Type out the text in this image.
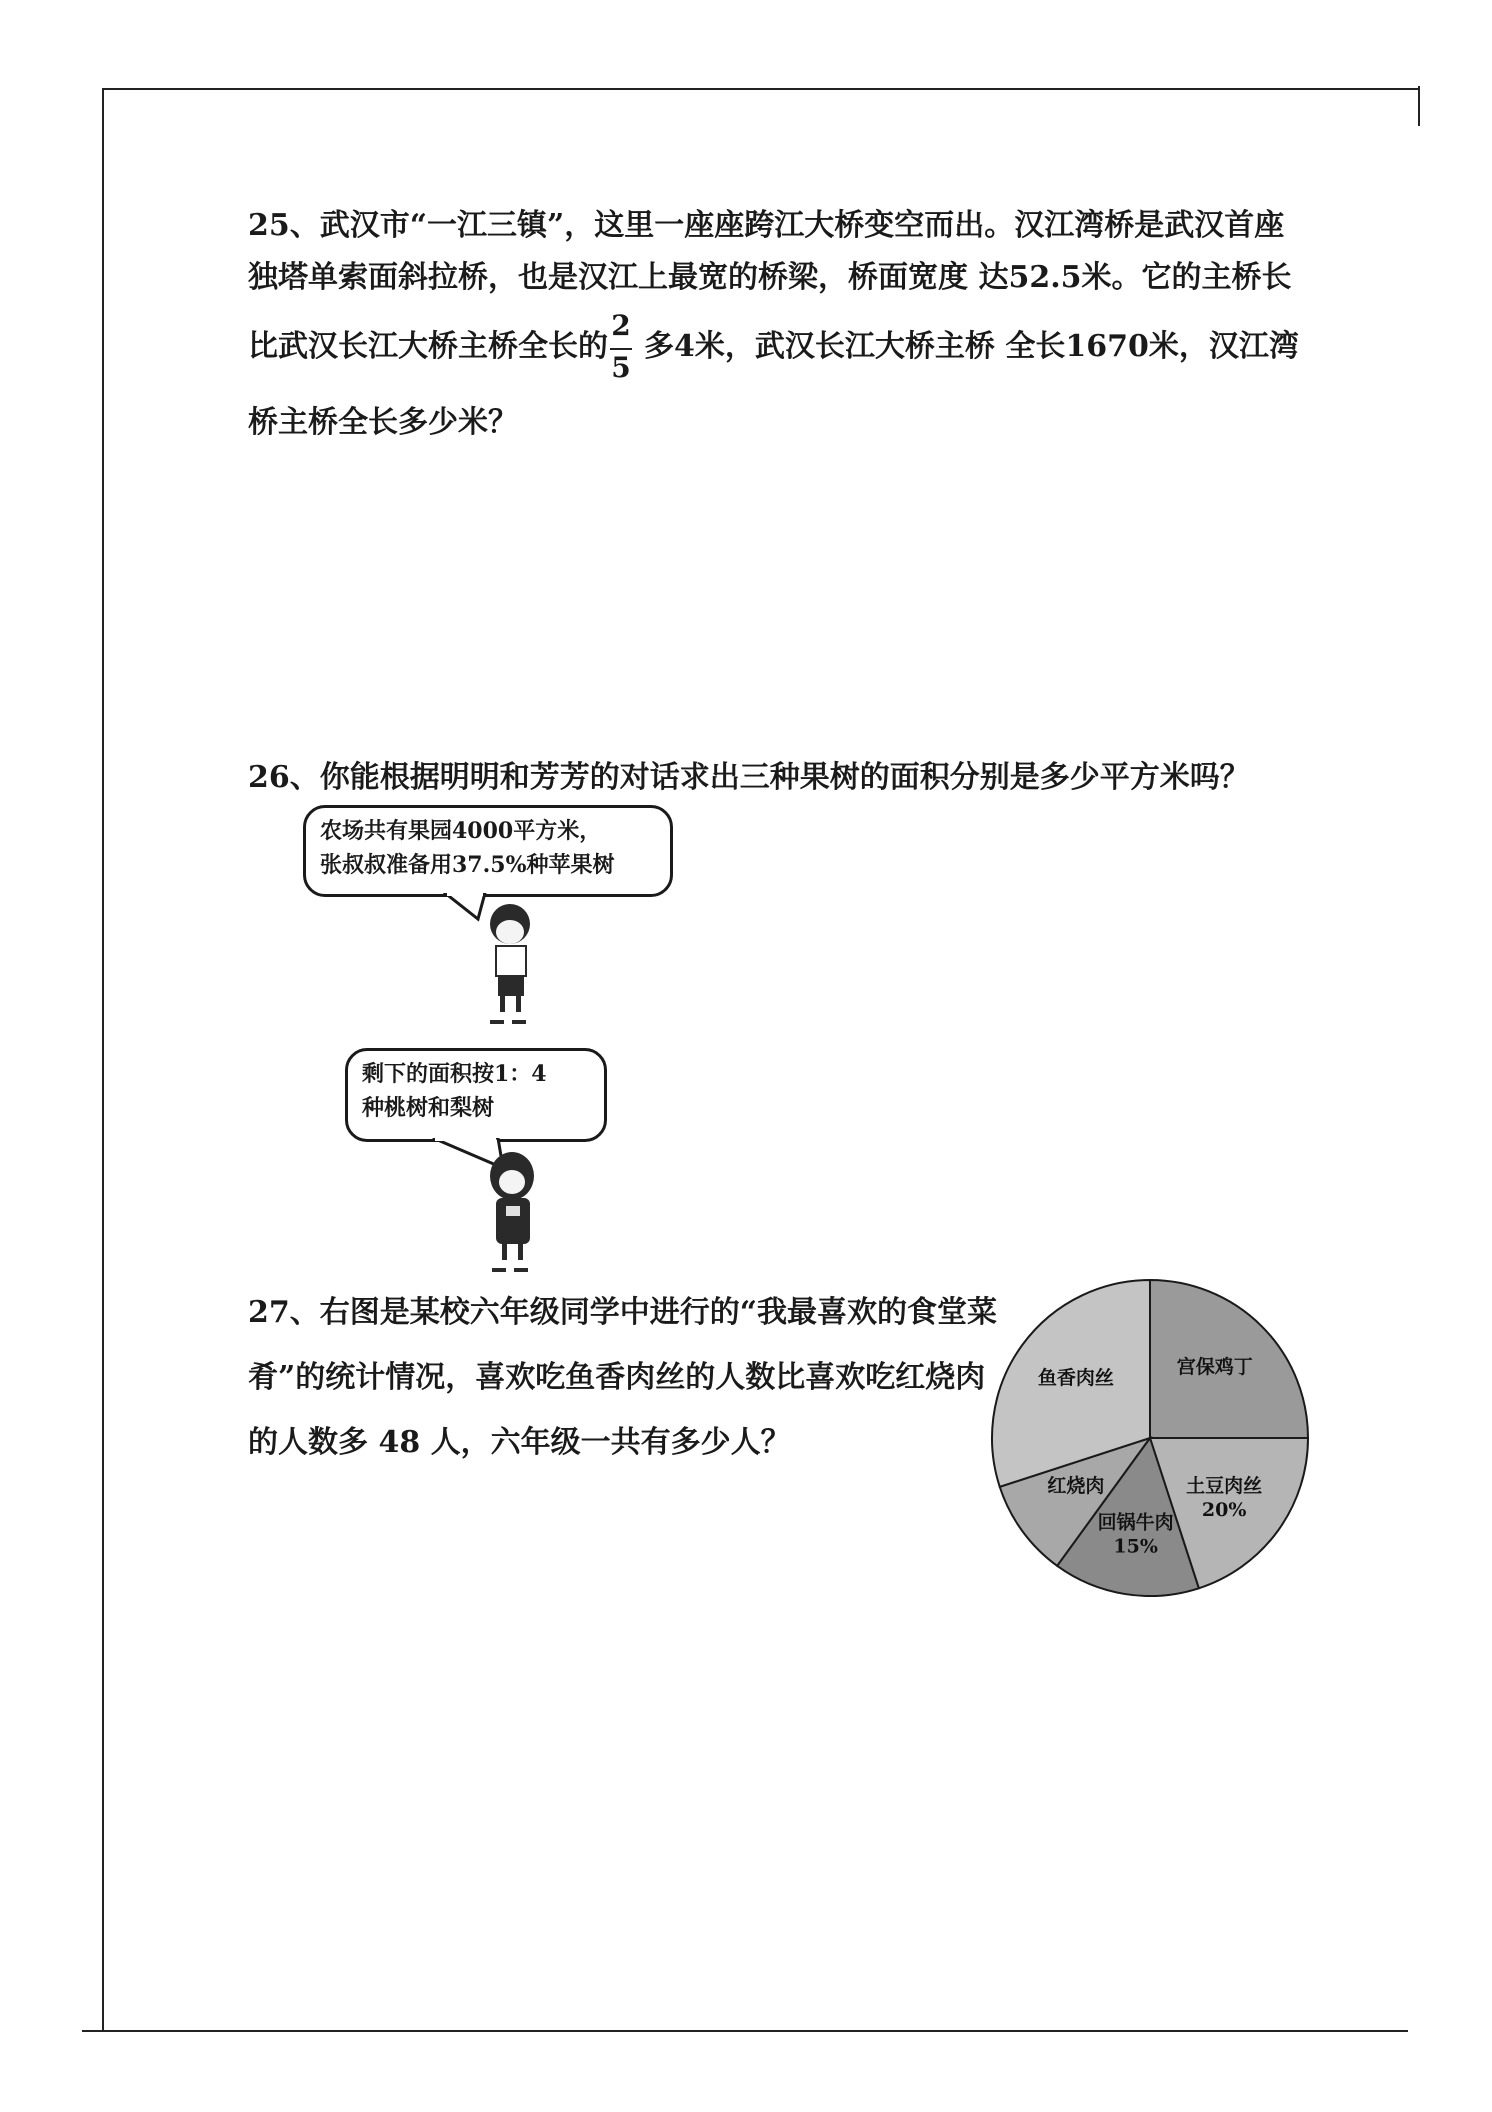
25、武汉市“一江三镇”，这里一座座跨江大桥变空而出。汉江湾桥是武汉首座
独塔单索面斜拉桥，也是汉江上最宽的桥梁，桥面宽度 达52.5米。它的主桥长
比武汉长江大桥主桥全长的
2
5
多4米，武汉长江大桥主桥 全长1670米，汉江湾
桥主桥全长多少米？
26、你能根据明明和芳芳的对话求出三种果树的面积分别是多少平方米吗？
农场共有果园4000平方米，
张叔叔准备用37.5%种苹果树
剩下的面积按1：4
种桃树和梨树
27、右图是某校六年级同学中进行的“我最喜欢的食堂菜
肴”的统计情况，喜欢吃鱼香肉丝的人数比喜欢吃红烧肉
的人数多 48 人，六年级一共有多少人？
宫保鸡丁
土豆肉丝
20%
回锅牛肉
15%
红烧肉
鱼香肉丝
